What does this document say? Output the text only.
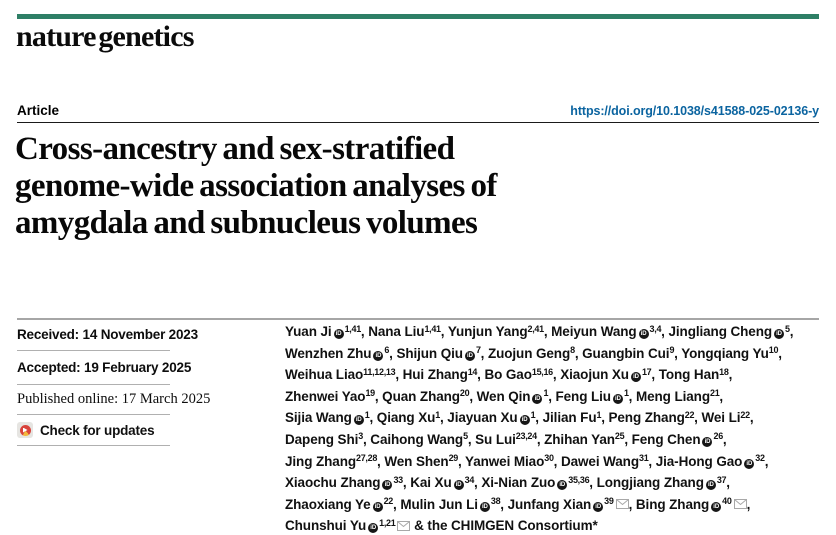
nature genetics
Article	https://doi.org/10.1038/s41588-025-02136-y
Cross-ancestry and sex-stratified
genome-wide association analyses of
amygdala and subnucleus volumes
Received: 14 November 2023
Accepted: 19 February 2025
Published online: 17 March 2025
Check for updates
Yuan Ji iD$^{1,41}$, Nana Liu$^{1,41}$, Yunjun Yang$^{2,41}$, Meiyun Wang iD$^{3,4}$, Jingliang Cheng $iD^5$,
Wenzhen Zhu $iD^6$, Shijun Qiu $iD^7$, Zuojun Geng$^8$, Guangbin Cui$^9$, Yongqiang Yu$^{10}$,
Weihua Liao$^{11,12,13}$, Hui Zhang$^{14}$, Bo Gao$^{15,16}$, Xiaojun Xu $iD^{17}$, Tong Han$^{18}$,
Zhenwei Yao$^{19}$, Quan Zhang$^{20}$, Wen Qin $iD^1$, Feng Liu $iD^1$, Meng Liang$^{21}$,
Sijia Wang $iD^1$, Qiang Xu$^1$, Jiayuan Xu $iD^1$, Jilian Fu$^1$, Peng Zhang$^{22}$, Wei Li$^{22}$,
Dapeng Shi$^3$, Caihong Wang$^5$, Su Lui$^{23,24}$, Zhihan Yan$^{25}$, Feng Chen $iD^{26}$,
Jing Zhang$^{27,28}$, Wen Shen$^{29}$, Yanwei Miao$^{30}$, Dawei Wang$^{31}$, Jia-Hong Gao $iD^{32}$,
Xiaochu Zhang $iD^{33}$, Kai Xu $iD^{34}$, Xi-Nian Zuo iD$^{35,36}$, Longjiang Zhang $iD^{37}$,
Zhaoxiang Ye $iD^{22}$, Mulin Jun Li $iD^{38}$, Junfang Xian $iD^{39}$ , Bing Zhang $iD^{40}$ ,
Chunshui Yu iD$^{1,21}$ & the CHIMGEN Consortium*
